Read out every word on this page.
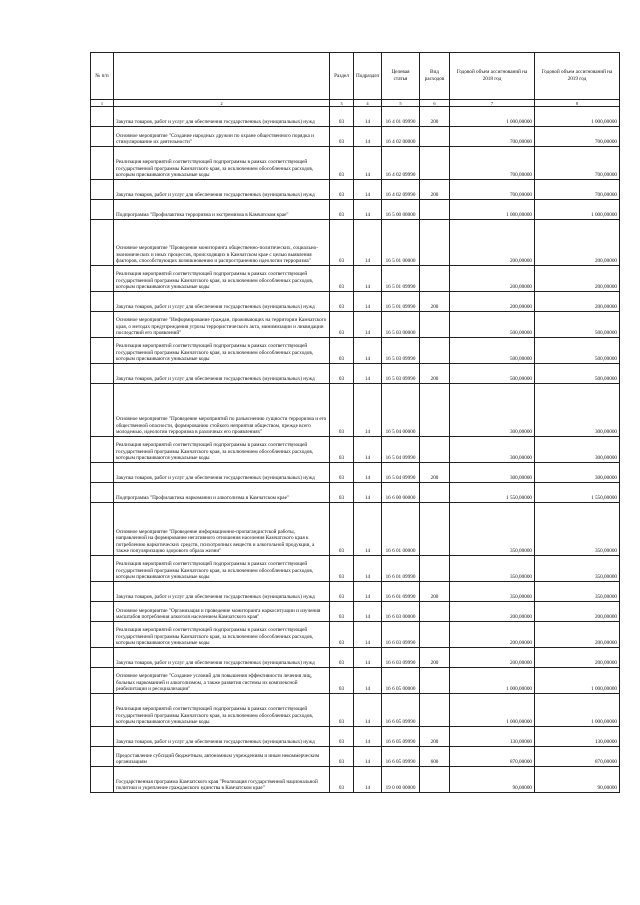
№ п/п		Раздел	Подраздел	Целевая статья	Вид расходов	Годовой объем ассигнований на 2018 год	Годовой объем ассигнований на 2019 год
1	2	3	4	5	6	7	8
	Закупка товаров, работ и услуг для обеспечения государственных (муниципальных) нужд	03	14	16 4 01 09990	200	1 000,00000	1 000,00000
	Основное мероприятие "Создание народных дружин по охране общественного порядка и стимулирование их деятельности"	03	14	16 4 02 00000		700,00000	700,00000
	Реализация мероприятий соответствующей подпрограммы в рамках соответствующей государственной программы Камчатского края, за исключением обособленных расходов, которым присваиваются уникальные коды	03	14	16 4 02 09990		700,00000	700,00000
	Закупка товаров, работ и услуг для обеспечения государственных (муниципальных) нужд	03	14	16 4 02 09990	200	700,00000	700,00000
	Подпрограмма "Профилактика терроризма и экстремизма в Камчатском крае"	03	14	16 5 00 00000		1 000,00000	1 000,00000
	Основное мероприятие "Проведение мониторинга общественно-политических, социально-экономических и иных процессов, происходящих в Камчатском крае с целью выявления факторов, способствующих возникновению и распространению идеологии терроризма"	03	14	16 5 01 00000		200,00000	200,00000
	Реализация мероприятий соответствующей подпрограммы в рамках соответствующей государственной программы Камчатского края, за исключением обособленных расходов, которым присваиваются уникальные коды	03	14	16 5 01 09990		200,00000	200,00000
	Закупка товаров, работ и услуг для обеспечения государственных (муниципальных) нужд	03	14	16 5 01 09990	200	200,00000	200,00000
	Основное мероприятие "Информирование граждан, проживающих на территории Камчатского края, о методах предупреждения угрозы террористического акта, минимизации и ликвидации последствий его проявлений"	03	14	16 5 03 00000		500,00000	500,00000
	Реализация мероприятий соответствующей подпрограммы в рамках соответствующей государственной программы Камчатского края, за исключением обособленных расходов, которым присваиваются уникальные коды	03	14	16 5 03 09990		500,00000	500,00000
	Закупка товаров, работ и услуг для обеспечения государственных (муниципальных) нужд	03	14	16 5 03 09990	200	500,00000	500,00000
	Основное мероприятие "Проведение мероприятий по разъяснению сущности терроризма и его общественной опасности, формированию стойкого неприятия обществом, прежде всего молодежью, идеологии терроризма в различных его проявлениях"	03	14	16 5 04 00000		300,00000	300,00000
	Реализация мероприятий соответствующей подпрограммы в рамках соответствующей государственной программы Камчатского края, за исключением обособленных расходов, которым присваиваются уникальные коды	03	14	16 5 04 09990		300,00000	300,00000
	Закупка товаров, работ и услуг для обеспечения государственных (муниципальных) нужд	03	14	16 5 04 09990	200	300,00000	300,00000
	Подпрограмма "Профилактика наркомании и алкоголизма в Камчатском крае"	03	14	16 6 00 00000		1 550,00000	1 550,00000
	Основное мероприятие "Проведение информационно-пропагандистской работы, направленной на формирование негативного отношения населения Камчатского края к потреблению наркотических средств, психотропных веществ и алкогольной продукции, а также популяризацию здорового образа жизни"	03	14	16 6 01 00000		350,00000	350,00000
	Реализация мероприятий соответствующей подпрограммы в рамках соответствующей государственной программы Камчатского края, за исключением обособленных расходов, которым присваиваются уникальные коды	03	14	16 6 01 09990		350,00000	350,00000
	Закупка товаров, работ и услуг для обеспечения государственных (муниципальных) нужд	03	14	16 6 01 09990	200	350,00000	350,00000
	Основное мероприятие "Организация и проведение мониторинга наркоситуации и изучения масштабов потребления алкоголя населением Камчатского края"	03	14	16 6 03 00000		200,00000	200,00000
	Реализация мероприятий соответствующей подпрограммы в рамках соответствующей государственной программы Камчатского края, за исключением обособленных расходов, которым присваиваются уникальные коды	03	14	16 6 03 09990		200,00000	200,00000
	Закупка товаров, работ и услуг для обеспечения государственных (муниципальных) нужд	03	14	16 6 03 09990	200	200,00000	200,00000
	Основное мероприятие "Создание условий для повышения эффективности лечения лиц, больных наркоманией и алкоголизмом, а также развития системы их комплексной реабилитации и ресоциализации"	03	14	16 6 05 00000		1 000,00000	1 000,00000
	Реализация мероприятий соответствующей подпрограммы в рамках соответствующей государственной программы Камчатского края, за исключением обособленных расходов, которым присваиваются уникальные коды	03	14	16 6 05 09990		1 000,00000	1 000,00000
	Закупка товаров, работ и услуг для обеспечения государственных (муниципальных) нужд	03	14	16 6 05 09990	200	130,00000	130,00000
	Предоставление субсидий бюджетным, автономным учреждениям и иным некоммерческим организациям	03	14	16 6 05 09990	600	870,00000	870,00000
	Государственная программа Камчатского края "Реализация государственной национальной политики и укрепление гражданского единства в Камчатском крае"	03	14	19 0 00 00000		90,00000	90,00000
